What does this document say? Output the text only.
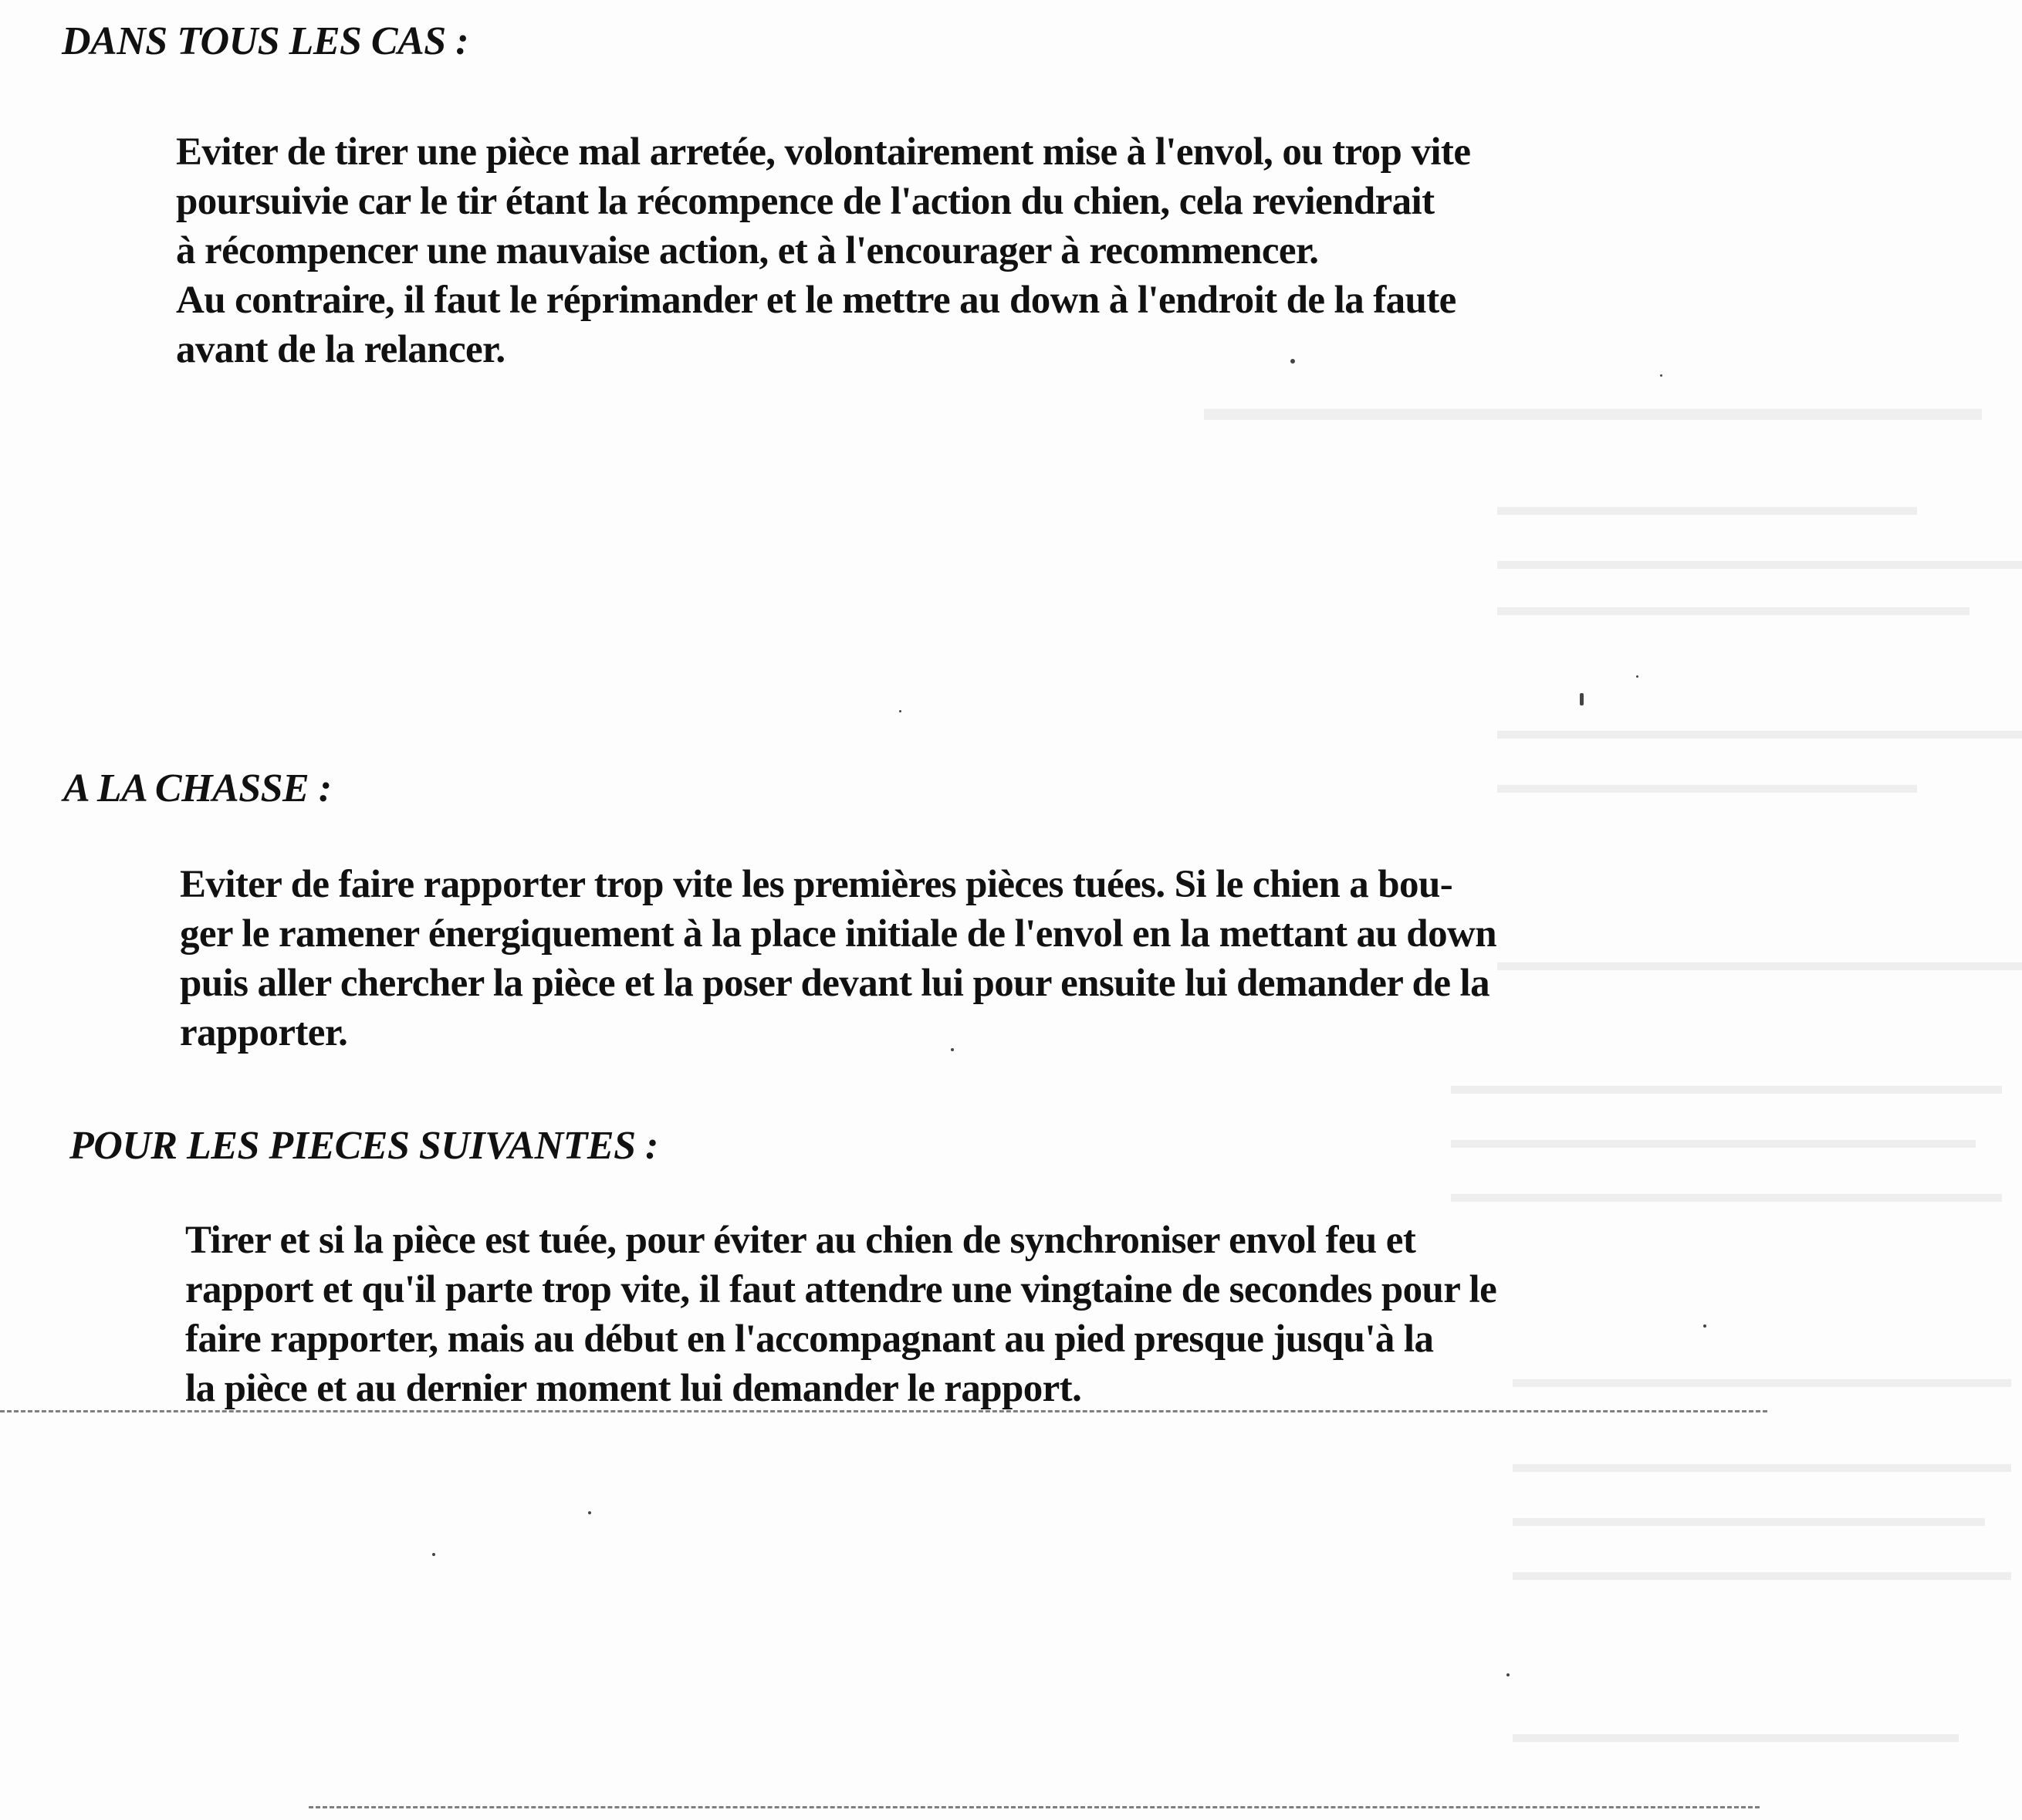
▬▬▬▬▬▬▬▬▬▬▬▬▬▬▬▬▬▬▬▬▬
▬▬▬▬▬▬▬▬▬▬▬▬▬▬▬▬
▬▬▬▬▬▬▬▬▬▬▬▬▬▬▬▬▬▬▬▬
▬▬▬▬▬▬▬▬▬▬▬▬▬▬▬▬▬▬
▬▬▬▬▬▬▬▬▬▬▬▬▬▬▬▬▬▬▬▬
▬▬▬▬▬▬▬▬▬▬▬▬▬▬▬▬
▬▬▬▬▬▬▬▬▬▬▬▬▬▬▬▬▬▬▬▬
▬▬▬▬▬▬▬▬▬▬▬▬▬▬▬▬▬▬▬▬▬
▬▬▬▬▬▬▬▬▬▬▬▬▬▬▬▬▬▬▬▬
▬▬▬▬▬▬▬▬▬▬▬▬▬▬▬▬▬▬▬▬▬
▬▬▬▬▬▬▬▬▬▬▬▬▬▬▬▬▬▬▬
▬▬▬▬▬▬▬▬▬▬▬▬▬▬▬▬▬▬▬
▬▬▬▬▬▬▬▬▬▬▬▬▬▬▬▬▬▬
▬▬▬▬▬▬▬▬▬▬▬▬▬▬▬▬▬▬▬
▬▬▬▬▬▬▬▬▬▬▬▬▬▬▬▬▬
DANS TOUS LES CAS :

Eviter de tirer une pièce mal arretée, volontairement mise à l'envol, ou trop vite
poursuivie car le tir étant la récompence de l'action du chien, cela reviendrait
à récompencer une mauvaise action, et à l'encourager à recommencer.
Au contraire, il faut le réprimander et le mettre au down à l'endroit de la faute
avant de la relancer.

A LA CHASSE :

Eviter de faire rapporter trop vite les premières pièces tuées. Si le chien a bou-
ger le ramener énergiquement à la place initiale de l'envol en la mettant au down
puis aller chercher la pièce et la poser devant lui pour ensuite lui demander de la
rapporter.

POUR LES PIECES SUIVANTES :

Tirer et si la pièce est tuée, pour éviter au chien de synchroniser envol feu et
rapport et qu'il parte trop vite, il faut attendre une vingtaine de secondes pour le
faire rapporter, mais au début en l'accompagnant au pied presque jusqu'à la
la pièce et au dernier moment lui demander le rapport.
